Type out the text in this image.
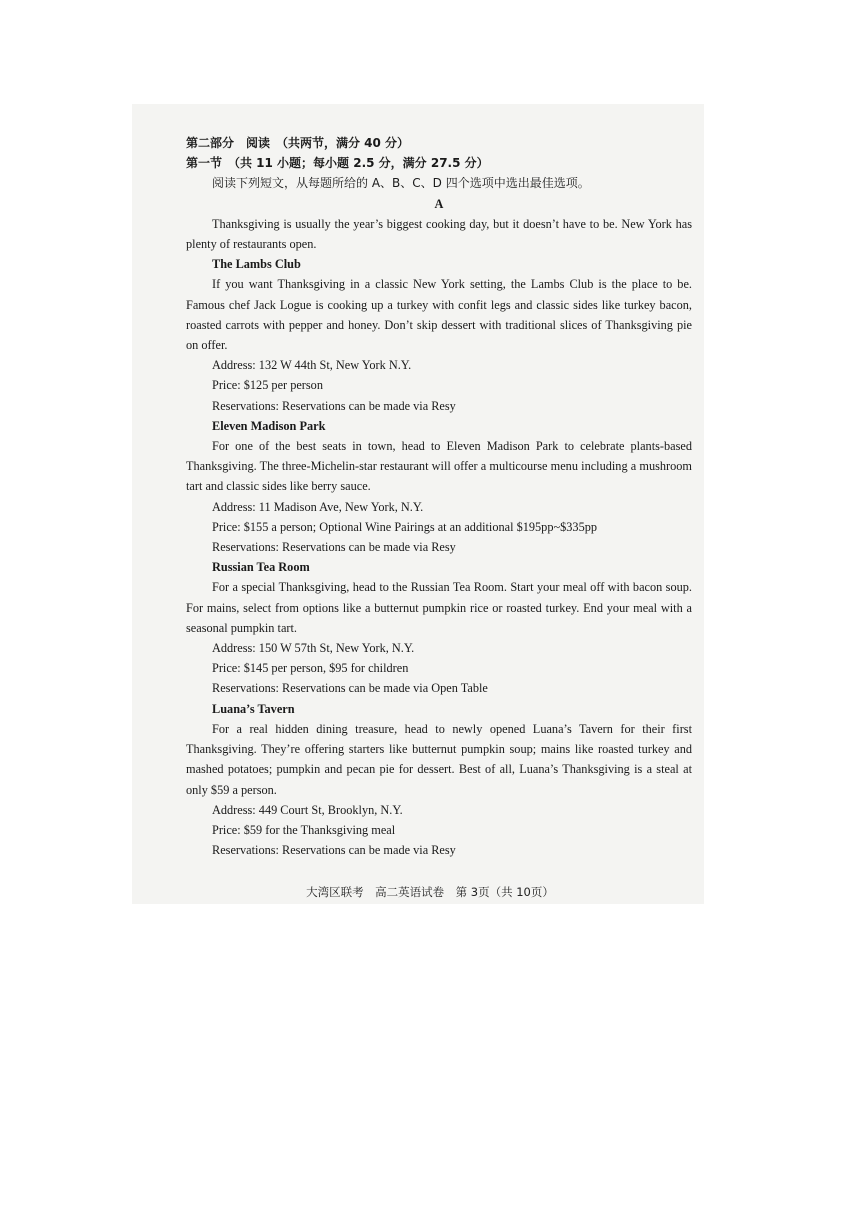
第二部分　阅读　（共两节，满分 40 分）
第一节　（共 11 小题；每小题 2.5 分，满分 27.5 分）
阅读下列短文，从每题所给的 A、B、C、D 四个选项中选出最佳选项。
A
Thanksgiving is usually the year’s biggest cooking day, but it doesn’t have to be. New York has plenty of restaurants open.
The Lambs Club
If you want Thanksgiving in a classic New York setting, the Lambs Club is the place to be. Famous chef Jack Logue is cooking up a turkey with confit legs and classic sides like turkey bacon, roasted carrots with pepper and honey. Don’t skip dessert with traditional slices of Thanksgiving pie on offer.
Address: 132 W 44th St, New York N.Y.
Price: $125 per person
Reservations: Reservations can be made via Resy
Eleven Madison Park
For one of the best seats in town, head to Eleven Madison Park to celebrate plants-based Thanksgiving. The three-Michelin-star restaurant will offer a multicourse menu including a mushroom tart and classic sides like berry sauce.
Address: 11 Madison Ave, New York, N.Y.
Price: $155 a person; Optional Wine Pairings at an additional $195pp~$335pp
Reservations: Reservations can be made via Resy
Russian Tea Room
For a special Thanksgiving, head to the Russian Tea Room. Start your meal off with bacon soup. For mains, select from options like a butternut pumpkin rice or roasted turkey. End your meal with a seasonal pumpkin tart.
Address: 150 W 57th St, New York, N.Y.
Price: $145 per person, $95 for children
Reservations: Reservations can be made via Open Table
Luana’s Tavern
For a real hidden dining treasure, head to newly opened Luana’s Tavern for their first Thanksgiving. They’re offering starters like butternut pumpkin soup; mains like roasted turkey and mashed potatoes; pumpkin and pecan pie for dessert. Best of all, Luana’s Thanksgiving is a steal at only $59 a person.
Address: 449 Court St, Brooklyn, N.Y.
Price: $59 for the Thanksgiving meal
Reservations: Reservations can be made via Resy
大湾区联考　高二英语试卷　第 3页（共 10页）
